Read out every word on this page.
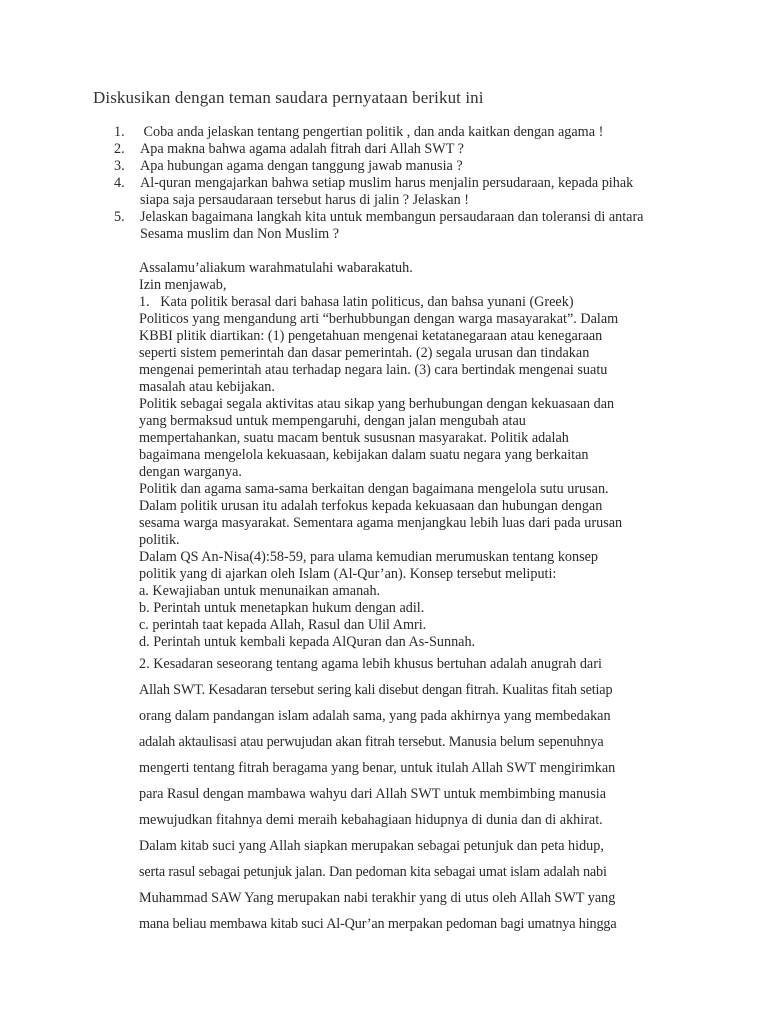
Diskusikan dengan teman saudara pernyataan berikut ini
1.	Coba anda jelaskan tentang pengertian politik , dan anda kaitkan dengan agama !
2.	Apa makna bahwa agama adalah fitrah dari Allah SWT ?
3.	Apa hubungan agama dengan tanggung jawab manusia ?
4.	Al-quran mengajarkan bahwa setiap muslim harus menjalin persudaraan, kepada pihak siapa saja persaudaraan tersebut harus di jalin ? Jelaskan !
5.	Jelaskan bagaimana langkah kita untuk membangun persaudaraan dan toleransi di antara Sesama muslim dan Non Muslim ?

Assalamu’aliakum warahmatulahi wabarakatuh.

Izin menjawab,

1.   Kata politik berasal dari bahasa latin politicus, dan bahsa yunani (Greek)

Politicos yang mengandung arti “berhubbungan dengan warga masayarakat”. Dalam

KBBI plitik diartikan: (1) pengetahuan mengenai ketatanegaraan atau kenegaraan

seperti sistem pemerintah dan dasar pemerintah. (2) segala urusan dan tindakan

mengenai pemerintah atau terhadap negara lain. (3) cara bertindak mengenai suatu

masalah atau kebijakan.

Politik sebagai segala aktivitas atau sikap yang berhubungan dengan kekuasaan dan

yang bermaksud untuk mempengaruhi, dengan jalan mengubah atau

mempertahankan, suatu macam bentuk sususnan masyarakat. Politik adalah

bagaimana mengelola kekuasaan, kebijakan dalam suatu negara yang berkaitan

dengan warganya.

Politik dan agama sama-sama berkaitan dengan bagaimana mengelola sutu urusan.

Dalam politik urusan itu adalah terfokus kepada kekuasaan dan hubungan dengan

sesama warga masyarakat. Sementara agama menjangkau lebih luas dari pada urusan

politik.

Dalam QS An-Nisa(4):58-59, para ulama kemudian merumuskan tentang konsep

politik yang di ajarkan oleh Islam (Al-Qur’an). Konsep tersebut meliputi:

a. Kewajiaban untuk menunaikan amanah.

b. Perintah untuk menetapkan hukum dengan adil.

c. perintah taat kepada Allah, Rasul dan Ulil Amri.

d. Perintah untuk kembali kepada AlQuran dan As-Sunnah.

2. Kesadaran seseorang tentang agama lebih khusus bertuhan adalah anugrah dari

Allah SWT. Kesadaran tersebut sering kali disebut dengan fitrah. Kualitas fitah setiap

orang dalam pandangan islam adalah sama, yang pada akhirnya yang membedakan

adalah aktaulisasi atau perwujudan akan fitrah tersebut. Manusia belum sepenuhnya

mengerti tentang fitrah beragama yang benar, untuk itulah Allah SWT mengirimkan

para Rasul dengan mambawa wahyu dari Allah SWT untuk membimbing manusia

mewujudkan fitahnya demi meraih kebahagiaan hidupnya di dunia dan di akhirat.

Dalam kitab suci yang Allah siapkan merupakan sebagai petunjuk dan peta hidup,

serta rasul sebagai petunjuk jalan. Dan pedoman kita sebagai umat islam adalah nabi

Muhammad SAW Yang merupakan nabi terakhir yang di utus oleh Allah SWT yang

mana beliau membawa kitab suci Al-Qur’an merpakan pedoman bagi umatnya hingga
